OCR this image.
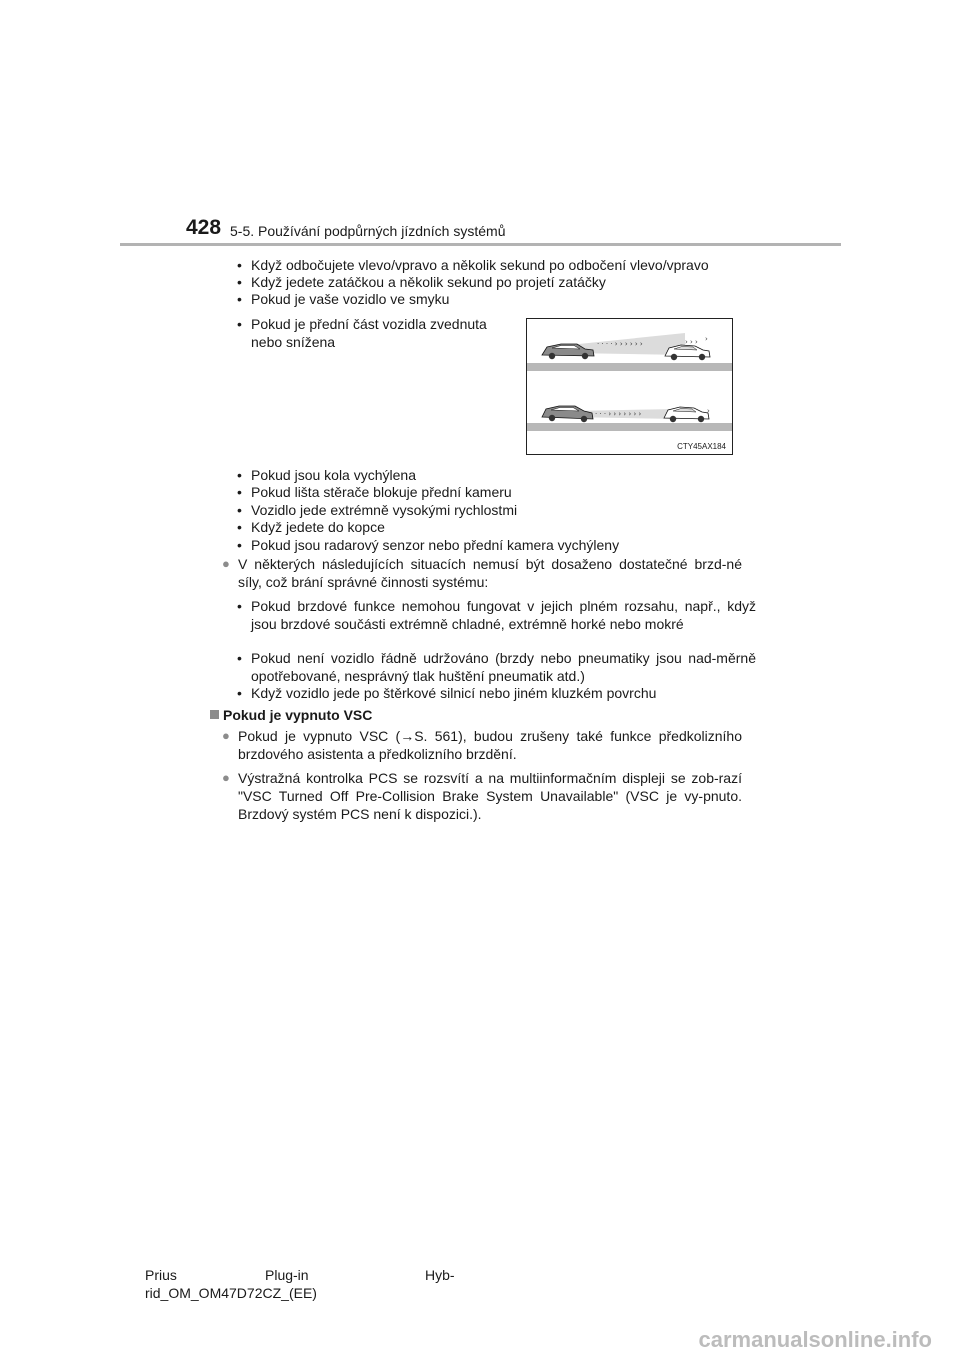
428 5-5. Používání podpůrných jízdních systémů
• Když odbočujete vlevo/vpravo a několik sekund po odbočení vlevo/vpravo
• Když jedete zatáčkou a několik sekund po projetí zatáčky
• Pokud je vaše vozidlo ve smyku
• Pokud je přední část vozidla zvednuta nebo snížena	· · · · › › › › › ›	› › › ›
· · · › › › › › › ›	›
CTY45AX184
• Pokud jsou kola vychýlena
• Pokud lišta stěrače blokuje přední kameru
• Vozidlo jede extrémně vysokými rychlostmi
• Když jedete do kopce
• Pokud jsou radarový senzor nebo přední kamera vychýleny
● V některých následujících situacích nemusí být dosaženo dostatečné brzd-né síly, což brání správné činnosti systému:
• Pokud brzdové funkce nemohou fungovat v jejich plném rozsahu, např., když jsou brzdové součásti extrémně chladné, extrémně horké nebo mokré
• Pokud není vozidlo řádně udržováno (brzdy nebo pneumatiky jsou nad-měrně opotřebované, nesprávný tlak huštění pneumatik atd.)
• Když vozidlo jede po štěrkové silnicí nebo jiném kluzkém povrchu
Pokud je vypnuto VSC
● Pokud je vypnuto VSC (→S. 561), budou zrušeny také funkce předkolizního brzdového asistenta a předkolizního brzdění.
● Výstražná kontrolka PCS se rozsvítí a na multiinformačním displeji se zob-razí "VSC Turned Off Pre-Collision Brake System Unavailable" (VSC je vy-pnuto. Brzdový systém PCS není k dispozici.).
Prius	Plug-in	Hyb-
rid_OM_OM47D72CZ_(EE)
carmanualsonline.info
